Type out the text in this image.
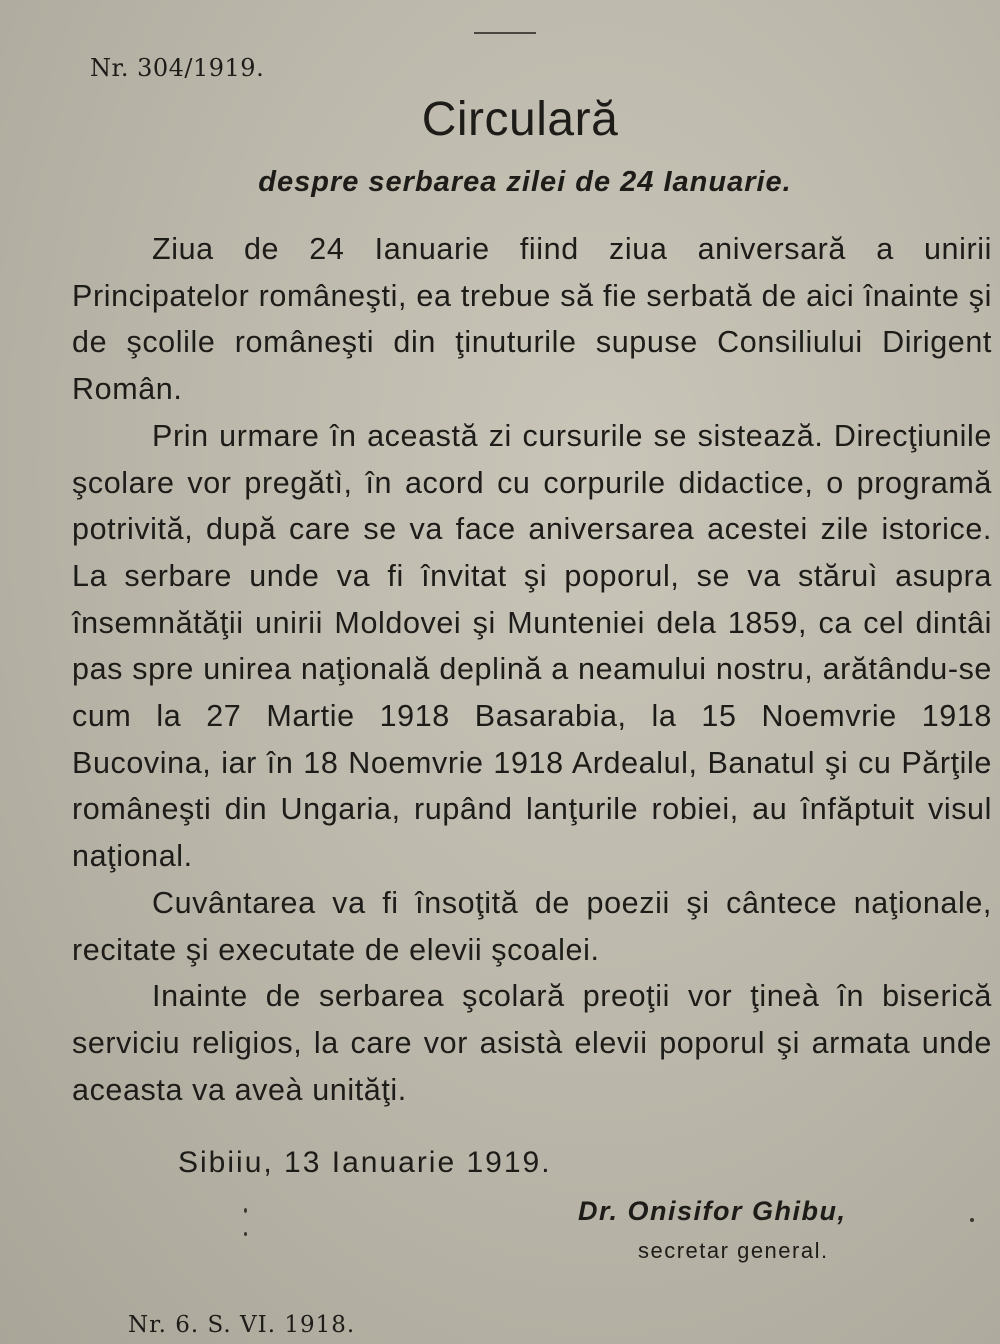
Nr. 304/1919.
Circulară
despre serbarea zilei de 24 Ianuarie.

Ziua de 24 Ianuarie fiind ziua aniversară a unirii Principatelor româneşti, ea trebue să fie serbată de aici înainte şi de şcolile româneşti din ţinuturile supuse Consiliului Dirigent Român.

Prin urmare în această zi cursurile se sistează. Direcţiunile şcolare vor pregătì, în acord cu corpurile didactice, o programă potrivită, după care se va face aniversarea acestei zile istorice. La serbare unde va fi învitat şi poporul, se va stăruì asupra însemnătăţii unirii Moldovei şi Munteniei dela 1859, ca cel dintâi pas spre unirea naţională deplină a neamului nostru, arătându-se cum la 27 Martie 1918 Basarabia, la 15 Noemvrie 1918 Bucovina, iar în 18 Noemvrie 1918 Ardealul, Banatul şi cu Părţile româneşti din Ungaria, rupând lanţurile robiei, au înfăptuit visul naţional.

Cuvântarea va fi însoţită de poezii şi cântece naţionale, recitate şi executate de elevii şcoalei.

Inainte de serbarea şcolară preoţii vor ţineà în biserică serviciu religios, la care vor asistà elevii poporul şi armata unde aceasta va aveà unităţi.

Sibiiu, 13 Ianuarie 1919.
Dr. Onisifor Ghibu,
secretar general.
Nr. 6. S. VI. 1918.
